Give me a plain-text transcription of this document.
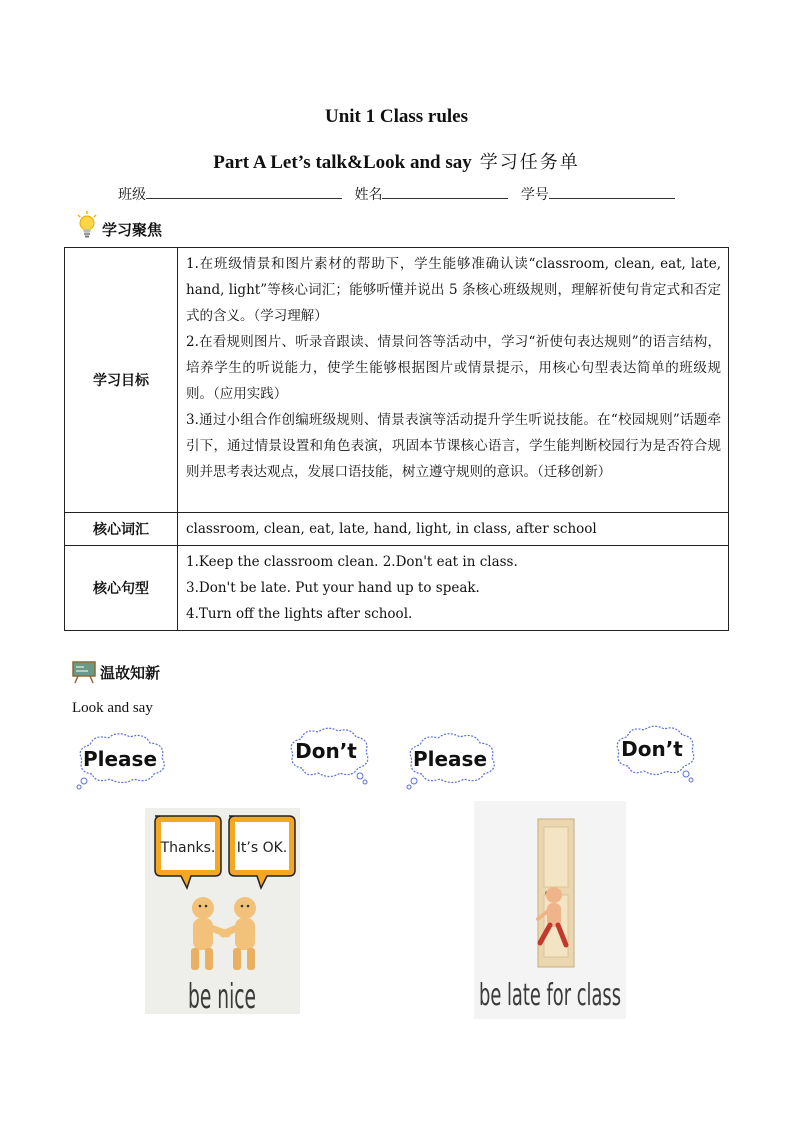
Unit 1 Class rules
Part A Let’s talk&Look and say 学习任务单
班级	姓名	学号
学习聚焦
学习目标	1.在班级情景和图片素材的帮助下，学生能够准确认读“classroom, clean, eat, late, hand, light”等核心词汇；能够听懂并说出 5 条核心班级规则，理解祈使句肯定式和否定式的含义。（学习理解）

2.在看规则图片、听录音跟读、情景问答等活动中，学习“祈使句表达规则”的语言结构，培养学生的听说能力，使学生能够根据图片或情景提示，用核心句型表达简单的班级规则。（应用实践）

3.通过小组合作创编班级规则、情景表演等活动提升学生听说技能。在“校园规则”话题牵引下，通过情景设置和角色表演，巩固本节课核心语言，学生能判断校园行为是否符合规则并思考表达观点，发展口语技能，树立遵守规则的意识。（迁移创新）

核心词汇	classroom, clean, eat, late, hand, light, in class, after school

核心句型	1.Keep the classroom clean. 2.Don't eat in class.

3.Don't be late. Put your hand up to speak.

4.Turn off the lights after school.

温故知新
Look and say
Please	Don’t	Please	Don’t
Thanks. It’s OK.
be nice	be late for class
